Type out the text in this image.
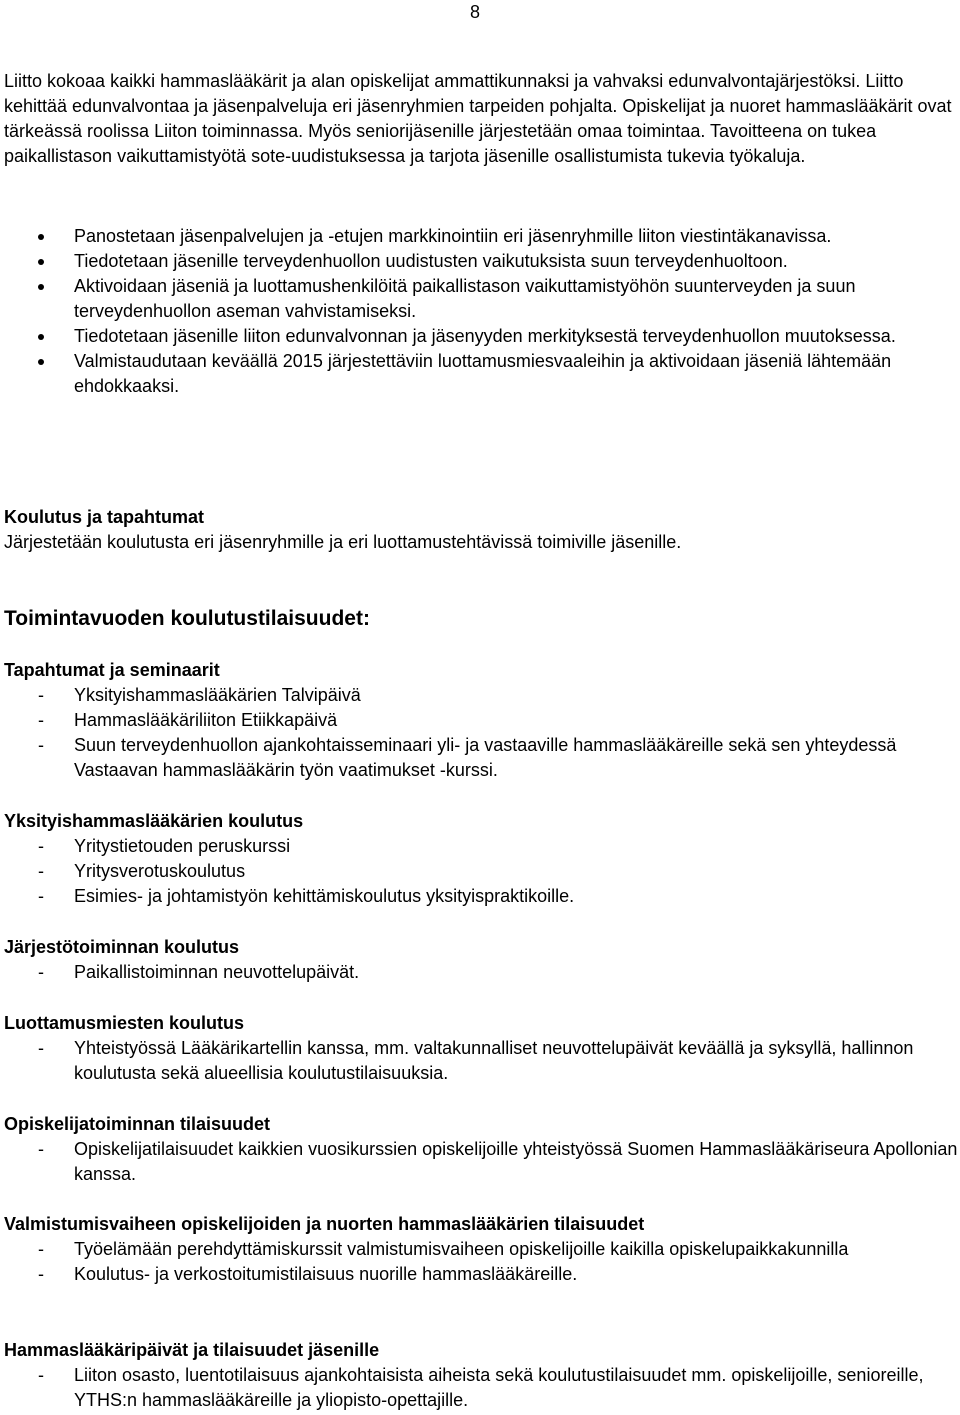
8

Liitto kokoaa kaikki hammaslääkärit ja alan opiskelijat ammattikunnaksi ja vahvaksi edunvalvontajärjestöksi. Liitto kehittää edunvalvontaa ja jäsenpalveluja eri jäsenryhmien tarpeiden pohjalta. Opiskelijat ja nuoret hammaslääkärit ovat tärkeässä roolissa Liiton toiminnassa. Myös seniorijäsenille järjestetään omaa toimintaa. Tavoitteena on tukea paikallistason vaikuttamistyötä sote-uudistuksessa ja tarjota jäsenille osallistumista tukevia työkaluja.

Panostetaan jäsenpalvelujen ja -etujen markkinointiin eri jäsenryhmille liiton viestintäkanavissa.
Tiedotetaan jäsenille terveydenhuollon uudistusten vaikutuksista suun terveydenhuoltoon.
Aktivoidaan jäseniä ja luottamushenkilöitä paikallistason vaikuttamistyöhön suunterveyden ja suun terveydenhuollon aseman vahvistamiseksi.
Tiedotetaan jäsenille liiton edunvalvonnan ja jäsenyyden merkityksestä terveydenhuollon muutoksessa.
Valmistaudutaan keväällä 2015 järjestettäviin luottamusmiesvaaleihin ja aktivoidaan jäseniä lähtemään ehdokkaaksi.
Koulutus ja tapahtumat
Järjestetään koulutusta eri jäsenryhmille ja eri luottamustehtävissä toimiville jäsenille.
Toimintavuoden koulutustilaisuudet:
Tapahtumat ja seminaarit
- Yksityishammaslääkärien Talvipäivä
- Hammaslääkäriliiton Etiikkapäivä
- Suun terveydenhuollon ajankohtaisseminaari yli- ja vastaaville hammaslääkäreille sekä sen yhteydessä Vastaavan hammaslääkärin työn vaatimukset -kurssi.
Yksityishammaslääkärien koulutus
- Yritystietouden peruskurssi
- Yritysverotuskoulutus
- Esimies- ja johtamistyön kehittämiskoulutus yksityispraktikoille.
Järjestötoiminnan koulutus
- Paikallistoiminnan neuvottelupäivät.
Luottamusmiesten koulutus
- Yhteistyössä Lääkärikartellin kanssa, mm. valtakunnalliset neuvottelupäivät keväällä ja syksyllä, hallinnon koulutusta sekä alueellisia koulutustilaisuuksia.
Opiskelijatoiminnan tilaisuudet
- Opiskelijatilaisuudet kaikkien vuosikurssien opiskelijoille yhteistyössä Suomen Hammaslääkäriseura Apollonian kanssa.
Valmistumisvaiheen opiskelijoiden ja nuorten hammaslääkärien tilaisuudet
- Työelämään perehdyttämiskurssit valmistumisvaiheen opiskelijoille kaikilla opiskelupaikkakunnilla
- Koulutus- ja verkostoitumistilaisuus nuorille hammaslääkäreille.
Hammaslääkäripäivät ja tilaisuudet jäsenille
- Liiton osasto, luentotilaisuus ajankohtaisista aiheista sekä koulutustilaisuudet mm. opiskelijoille, senioreille, YTHS:n hammaslääkäreille ja yliopisto-opettajille.
